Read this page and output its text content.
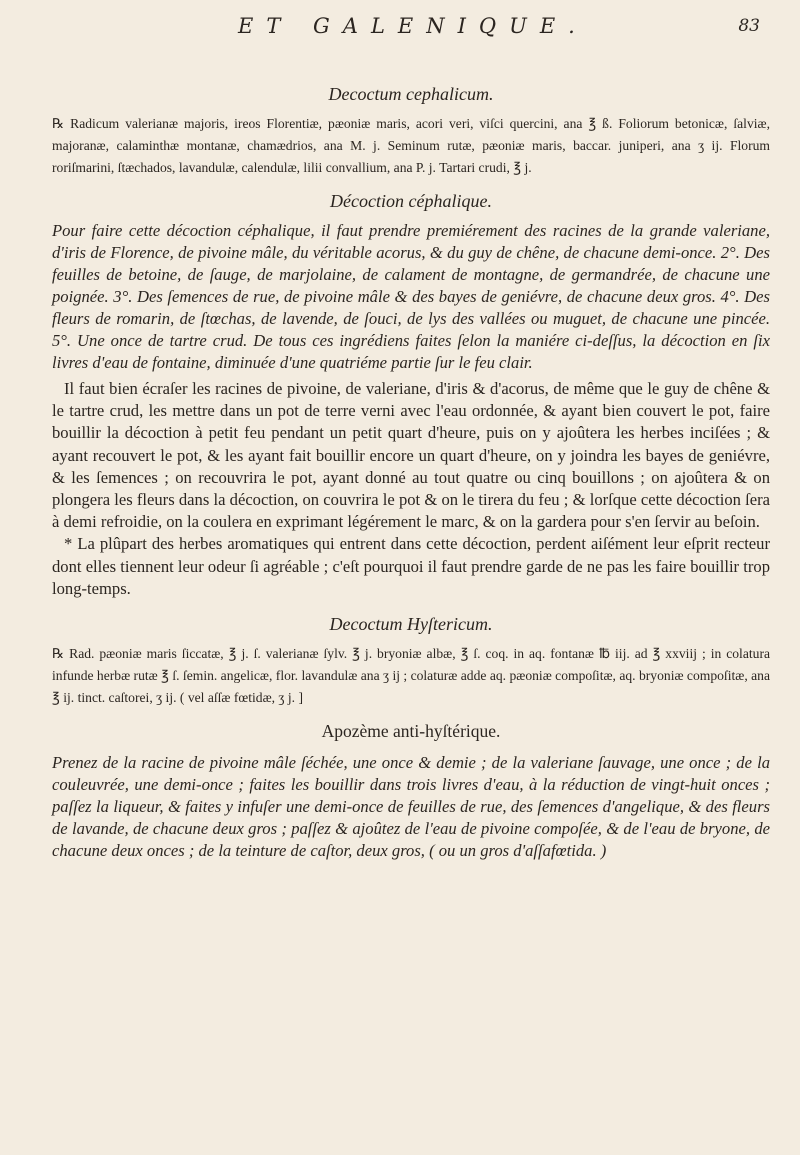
ET GALENIQUE.	83
Decoctum cephalicum.
℞ Radicum valerianæ majoris, ireos Florentiæ, pæoniæ maris, acori veri, viſci quercini, ana ℥ ß. Foliorum betonicæ, ſalviæ, majoranæ, calaminthæ montanæ, chamædrios, ana M. j. Seminum rutæ, pæoniæ maris, baccar. juniperi, ana ʒ ij. Florum roriſmarini, ſtæchados, lavandulæ, calendulæ, lilii convallium, ana P. j. Tartari crudi, ℥ j.
Décoction céphalique.
Pour faire cette décoction céphalique, il faut prendre premiérement des racines de la grande valeriane, d'iris de Florence, de pivoine mâle, du véritable acorus, & du guy de chêne, de chacune demi-once. 2°. Des feuilles de betoine, de ſauge, de marjolaine, de calament de montagne, de germandrée, de chacune une poignée. 3°. Des ſemences de rue, de pivoine mâle & des bayes de geniévre, de chacune deux gros. 4°. Des fleurs de romarin, de ſtœchas, de lavende, de ſouci, de lys des vallées ou muguet, de chacune une pincée. 5°. Une once de tartre crud. De tous ces ingrédiens faites ſelon la maniére ci-deſſus, la décoction en ſix livres d'eau de fontaine, diminuée d'une quatriéme partie ſur le feu clair.

Il faut bien écraſer les racines de pivoine, de valeriane, d'iris & d'acorus, de même que le guy de chêne & le tartre crud, les mettre dans un pot de terre verni avec l'eau ordonnée, & ayant bien couvert le pot, faire bouillir la décoction à petit feu pendant un petit quart d'heure, puis on y ajoûtera les herbes inciſées ; & ayant recouvert le pot, & les ayant fait bouillir encore un quart d'heure, on y joindra les bayes de geniévre, & les ſemences ; on recouvrira le pot, ayant donné au tout quatre ou cinq bouillons ; on ajoûtera & on plongera les fleurs dans la décoction, on couvrira le pot & on le tirera du feu ; & lorſque cette décoction ſera à demi refroidie, on la coulera en exprimant légérement le marc, & on la gardera pour s'en ſervir au beſoin.

* La plûpart des herbes aromatiques qui entrent dans cette décoction, perdent aiſément leur eſprit recteur dont elles tiennent leur odeur ſi agréable ; c'eſt pourquoi il faut prendre garde de ne pas les faire bouillir trop long-temps.

Decoctum Hyſtericum.
℞ Rad. pæoniæ maris ſiccatæ, ℥ j. ſ. valerianæ ſylv. ℥ j. bryoniæ albæ, ℥ ſ. coq. in aq. fontanæ ℔ iij. ad ℥ xxviij ; in colatura infunde herbæ rutæ ℥ ſ. ſemin. angelicæ, flor. lavandulæ ana ʒ ij ; colaturæ adde aq. pæoniæ compoſitæ, aq. bryoniæ compoſitæ, ana ℥ ij. tinct. caſtorei, ʒ ij. ( vel aſſæ fœtidæ, ʒ j. ]
Apozème anti-hyſtérique.
Prenez de la racine de pivoine mâle ſéchée, une once & demie ; de la valeriane ſauvage, une once ; de la couleuvrée, une demi-once ; faites les bouillir dans trois livres d'eau, à la réduction de vingt-huit onces ; paſſez la liqueur, & faites y infuſer une demi-once de feuilles de rue, des ſemences d'angelique, & des fleurs de lavande, de chacune deux gros ; paſſez & ajoûtez de l'eau de pivoine compoſée, & de l'eau de bryone, de chacune deux onces ; de la teinture de caſtor, deux gros, ( ou un gros d'aſſafœtida. )
